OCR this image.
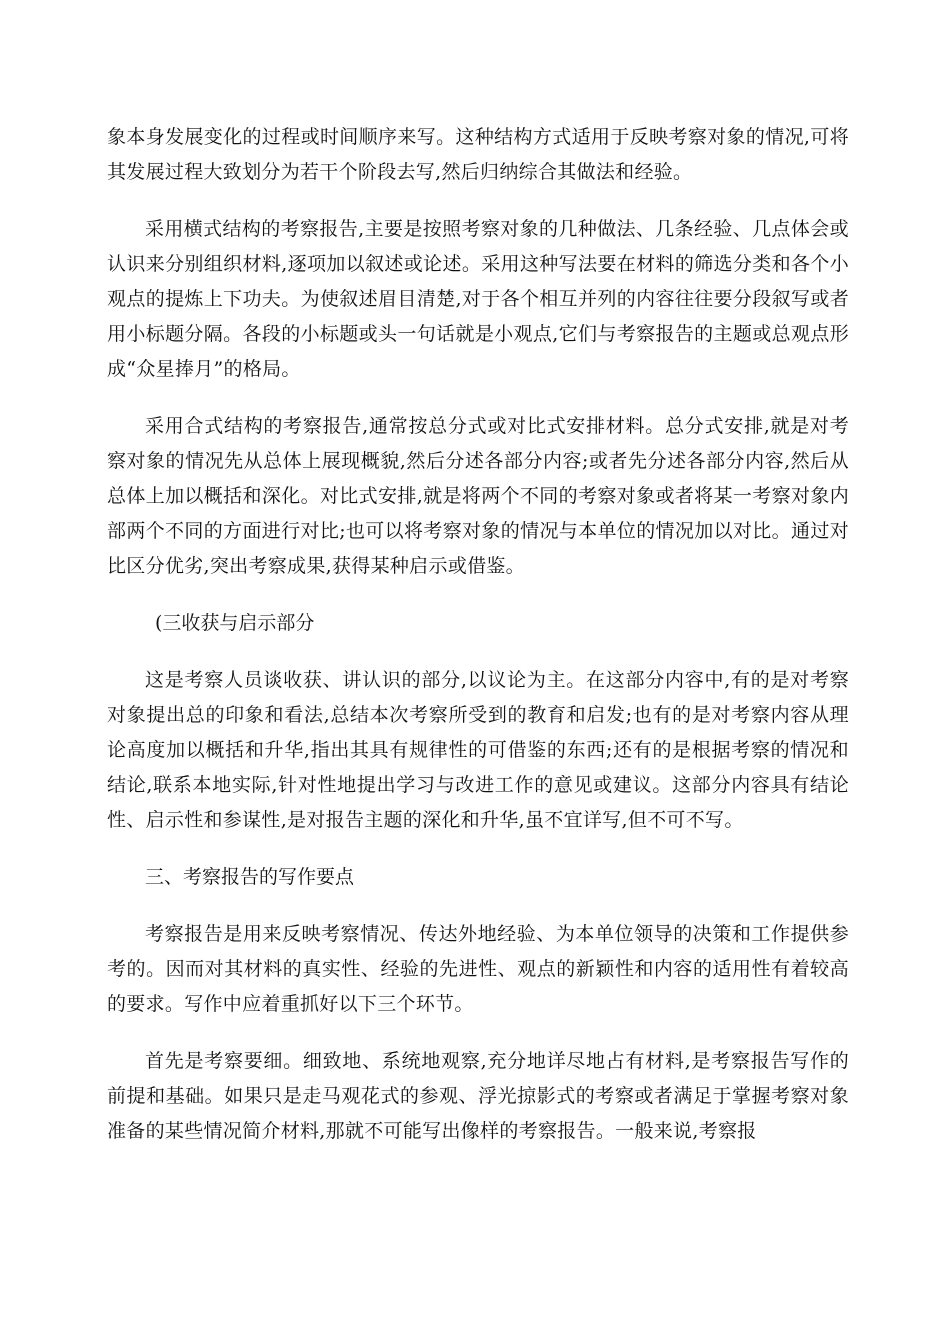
象本身发展变化的过程或时间顺序来写。这种结构方式适用于反映考察对象的情况,可将其发展过程大致划分为若干个阶段去写,然后归纳综合其做法和经验。

采用横式结构的考察报告,主要是按照考察对象的几种做法、几条经验、几点体会或认识来分别组织材料,逐项加以叙述或论述。采用这种写法要在材料的筛选分类和各个小观点的提炼上下功夫。为使叙述眉目清楚,对于各个相互并列的内容往往要分段叙写或者用小标题分隔。各段的小标题或头一句话就是小观点,它们与考察报告的主题或总观点形成“众星捧月”的格局。

采用合式结构的考察报告,通常按总分式或对比式安排材料。总分式安排,就是对考察对象的情况先从总体上展现概貌,然后分述各部分内容;或者先分述各部分内容,然后从总体上加以概括和深化。对比式安排,就是将两个不同的考察对象或者将某一考察对象内部两个不同的方面进行对比;也可以将考察对象的情况与本单位的情况加以对比。通过对比区分优劣,突出考察成果,获得某种启示或借鉴。

(三收获与启示部分

这是考察人员谈收获、讲认识的部分,以议论为主。在这部分内容中,有的是对考察对象提出总的印象和看法,总结本次考察所受到的教育和启发;也有的是对考察内容从理论高度加以概括和升华,指出其具有规律性的可借鉴的东西;还有的是根据考察的情况和结论,联系本地实际,针对性地提出学习与改进工作的意见或建议。这部分内容具有结论性、启示性和参谋性,是对报告主题的深化和升华,虽不宜详写,但不可不写。

三、考察报告的写作要点

考察报告是用来反映考察情况、传达外地经验、为本单位领导的决策和工作提供参考的。因而对其材料的真实性、经验的先进性、观点的新颖性和内容的适用性有着较高的要求。写作中应着重抓好以下三个环节。

首先是考察要细。细致地、系统地观察,充分地详尽地占有材料,是考察报告写作的前提和基础。如果只是走马观花式的参观、浮光掠影式的考察或者满足于掌握考察对象准备的某些情况简介材料,那就不可能写出像样的考察报告。一般来说,考察报
